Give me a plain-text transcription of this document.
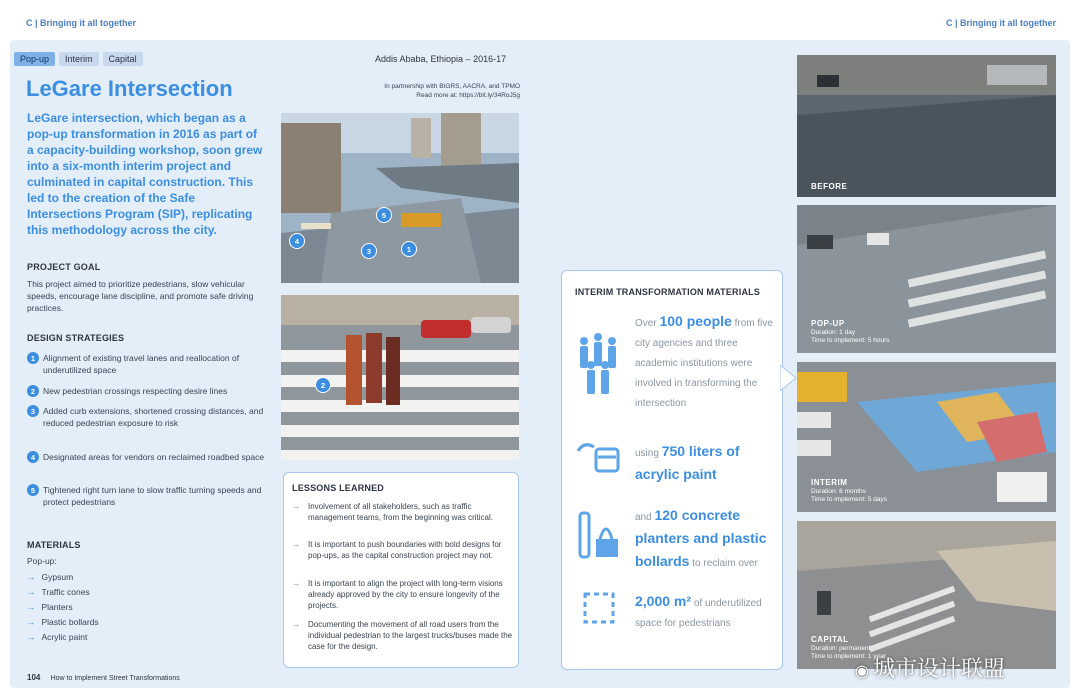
C | Bringing it all together	C | Bringing it all together
Pop-up	Interim	Capital	Addis Ababa, Ethiopia – 2016-17
In partnership with BIGRS, AACRA, and TPMO
Read more at: https://bit.ly/34RoJ5g
LeGare Intersection
LeGare intersection, which began as a pop-up transformation in 2016 as part of a capacity-building workshop, soon grew into a six-month interim project and culminated in capital construction. This led to the creation of the Safe Intersections Program (SIP), replicating this methodology across the city.
PROJECT GOAL
This project aimed to prioritize pedestrians, slow vehicular speeds, encourage lane discipline, and promote safe driving practices.
DESIGN STRATEGIES
1 Alignment of existing travel lanes and reallocation of underutilized space
2 New pedestrian crossings respecting desire lines
3 Added curb extensions, shortened crossing distances, and reduced pedestrian exposure to risk
4 Designated areas for vendors on reclaimed roadbed space
5 Tightened right turn lane to slow traffic turning speeds and protect pedestrians
MATERIALS
Pop-up:
→ Gypsum
→ Traffic cones
→ Planters
→ Plastic bollards
→ Acrylic paint
104 How to Implement Street Transformations
4
5
3	1
2
LESSONS LEARNED
→ Involvement of all stakeholders, such as traffic management teams, from the beginning was critical.
→ It is important to push boundaries with bold designs for pop-ups, as the capital construction project may not.
→ It is important to align the project with long-term visions already approved by the city to ensure longevity of the projects.
→ Documenting the movement of all road users from the individual pedestrian to the largest trucks/buses made the case for the design.
INTERIM TRANSFORMATION MATERIALS
Over 100 people from five city agencies and three academic institutions were involved in transforming the intersection
using 750 liters of acrylic paint
and 120 concrete planters and plastic bollards to reclaim over
2,000 m² of underutilized space for pedestrians
BEFORE
POP-UP
Duration: 1 day
Time to implement: 5 hours
INTERIM
Duration: 6 months
Time to implement: 5 days
CAPITAL
Duration: permanent
Time to implement: 1 year
◉ 城市设计联盟
